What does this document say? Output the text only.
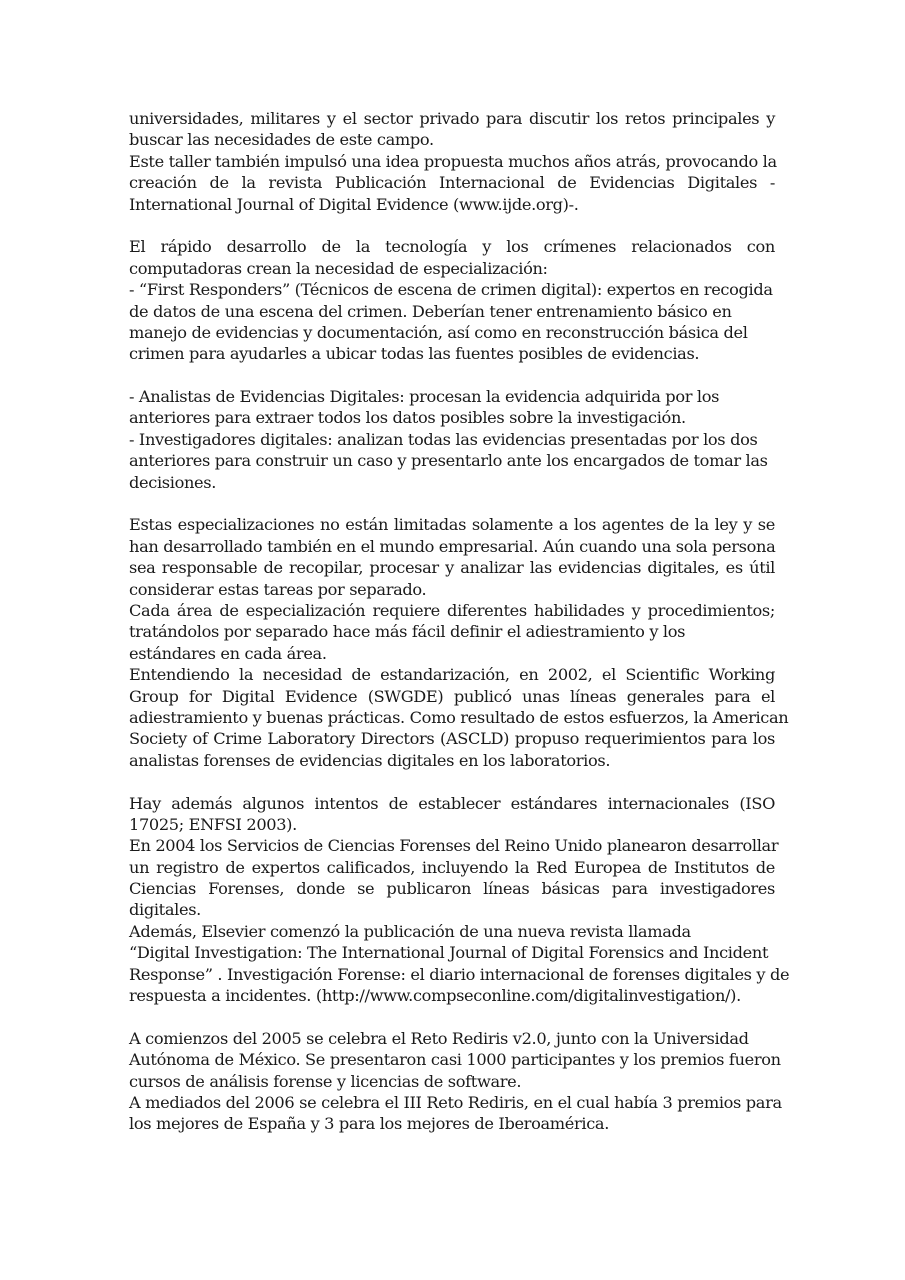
universidades, militares y el sector privado para discutir los retos principales y
buscar las necesidades de este campo.
Este taller también impulsó una idea propuesta muchos años atrás, provocando la
creación de la revista Publicación Internacional de Evidencias Digitales -
International Journal of Digital Evidence (www.ijde.org)-.
El rápido desarrollo de la tecnología y los crímenes relacionados con
computadoras crean la necesidad de especialización:
- “First Responders” (Técnicos de escena de crimen digital): expertos en recogida
de datos de una escena del crimen. Deberían tener entrenamiento básico en
manejo de evidencias y documentación, así como en reconstrucción básica del
crimen para ayudarles a ubicar todas las fuentes posibles de evidencias.
- Analistas de Evidencias Digitales: procesan la evidencia adquirida por los
anteriores para extraer todos los datos posibles sobre la investigación.
- Investigadores digitales: analizan todas las evidencias presentadas por los dos
anteriores para construir un caso y presentarlo ante los encargados de tomar las
decisiones.
Estas especializaciones no están limitadas solamente a los agentes de la ley y se
han desarrollado también en el mundo empresarial. Aún cuando una sola persona
sea responsable de recopilar, procesar y analizar las evidencias digitales, es útil
considerar estas tareas por separado.
Cada área de especialización requiere diferentes habilidades y procedimientos;
tratándolos por separado hace más fácil definir el adiestramiento y los
estándares en cada área.
Entendiendo la necesidad de estandarización, en 2002, el Scientific Working
Group for Digital Evidence (SWGDE) publicó unas líneas generales para el
adiestramiento y buenas prácticas. Como resultado de estos esfuerzos, la American
Society of Crime Laboratory Directors (ASCLD) propuso requerimientos para los
analistas forenses de evidencias digitales en los laboratorios.
Hay además algunos intentos de establecer estándares internacionales (ISO
17025; ENFSI 2003).
En 2004 los Servicios de Ciencias Forenses del Reino Unido planearon desarrollar
un registro de expertos calificados, incluyendo la Red Europea de Institutos de
Ciencias Forenses, donde se publicaron líneas básicas para investigadores
digitales.
Además, Elsevier comenzó la publicación de una nueva revista llamada
“Digital Investigation: The International Journal of Digital Forensics and Incident
Response” . Investigación Forense: el diario internacional de forenses digitales y de
respuesta a incidentes. (http://www.compseconline.com/digitalinvestigation/).
A comienzos del 2005 se celebra el Reto Rediris v2.0, junto con la Universidad
Autónoma de México. Se presentaron casi 1000 participantes y los premios fueron
cursos de análisis forense y licencias de software.
A mediados del 2006 se celebra el III Reto Rediris, en el cual había 3 premios para
los mejores de España y 3 para los mejores de Iberoamérica.
